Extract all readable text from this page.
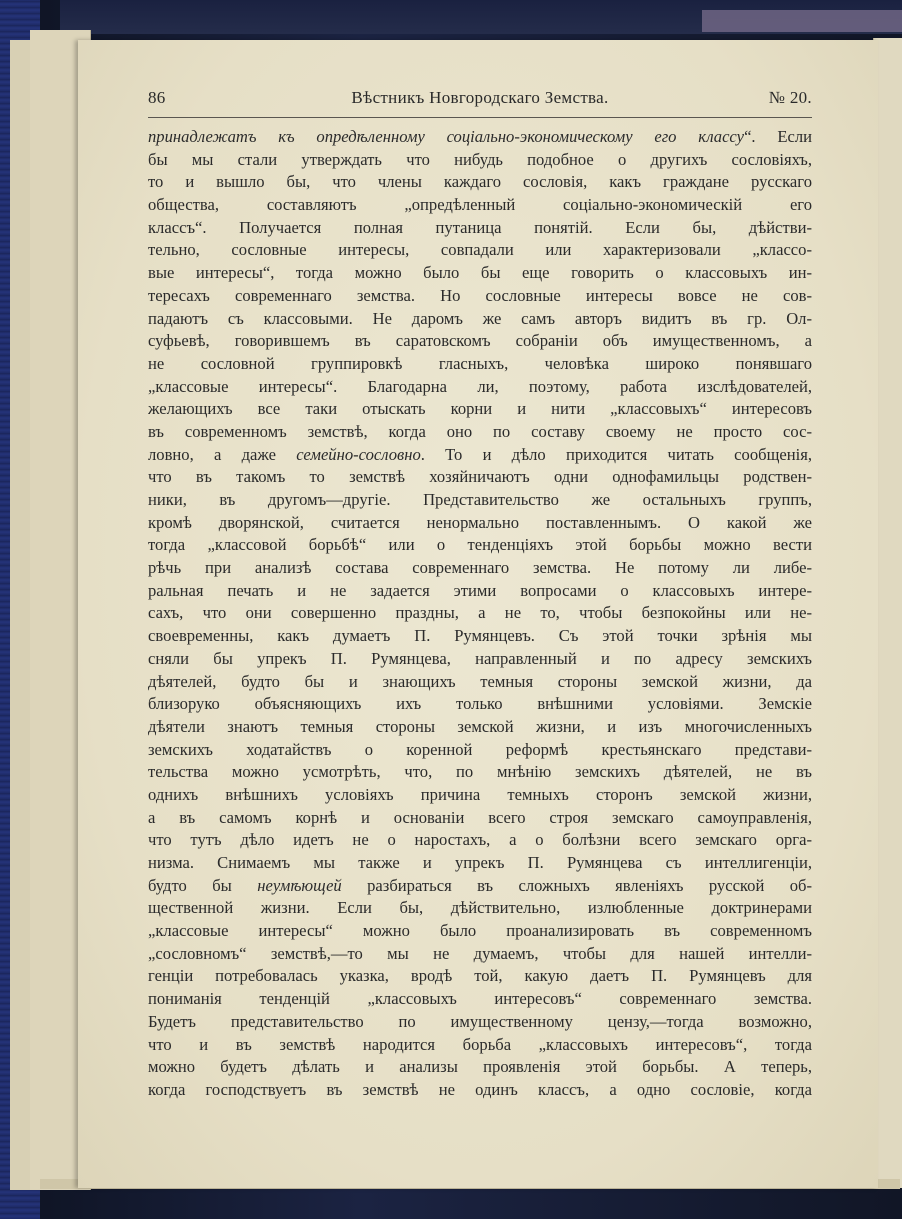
86	Вѣстникъ Новгородскаго Земства.	№ 20.
принадлежатъ къ опредѣленному соціально-экономическому его классу“. Если
бы мы стали утверждать что нибудь подобное о другихъ сословіяхъ,
то и вышло бы, что члены каждаго сословія, какъ граждане русскаго
общества, составляютъ „опредѣленный соціально-экономическій его
классъ“. Получается полная путаница понятій. Если бы, дѣйстви-
тельно, сословные интересы, совпадали или характеризовали „классо-
вые интересы“, тогда можно было бы еще говорить о классовыхъ ин-
тересахъ современнаго земства. Но сословные интересы вовсе не сов-
падаютъ съ классовыми. Не даромъ же самъ авторъ видитъ въ гр. Ол-
суфьевѣ, говорившемъ въ саратовскомъ собраніи объ имущественномъ, а
не сословной группировкѣ гласныхъ, человѣка широко понявшаго
„классовые интересы“. Благодарна ли, поэтому, работа изслѣдователей,
желающихъ все таки отыскать корни и нити „классовыхъ“ интересовъ
въ современномъ земствѣ, когда оно по составу своему не просто сос-
ловно, а даже семейно-сословно. То и дѣло приходится читать сообщенія,
что въ такомъ то земствѣ хозяйничаютъ одни однофамильцы родствен-
ники, въ другомъ—другіе. Представительство же остальныхъ группъ,
кромѣ дворянской, считается ненормально поставленнымъ. О какой же
тогда „классовой борьбѣ“ или о тенденціяхъ этой борьбы можно вести
рѣчь при анализѣ состава современнаго земства. Не потому ли либе-
ральная печать и не задается этими вопросами о классовыхъ интере-
сахъ, что они совершенно праздны, а не то, чтобы безпокойны или не-
своевременны, какъ думаетъ П. Румянцевъ. Съ этой точки зрѣнія мы
сняли бы упрекъ П. Румянцева, направленный и по адресу земскихъ
дѣятелей, будто бы и знающихъ темныя стороны земской жизни, да
близоруко объясняющихъ ихъ только внѣшними условіями. Земскіе
дѣятели знаютъ темныя стороны земской жизни, и изъ многочисленныхъ
земскихъ ходатайствъ о коренной реформѣ крестьянскаго представи-
тельства можно усмотрѣть, что, по мнѣнію земскихъ дѣятелей, не въ
однихъ внѣшнихъ условіяхъ причина темныхъ сторонъ земской жизни,
а въ самомъ корнѣ и основаніи всего строя земскаго самоуправленія,
что тутъ дѣло идетъ не о наростахъ, а о болѣзни всего земскаго орга-
низма. Снимаемъ мы также и упрекъ П. Румянцева съ интеллигенціи,
будто бы неумѣющей разбираться въ сложныхъ явленіяхъ русской об-
щественной жизни. Если бы, дѣйствительно, излюбленные доктринерами
„классовые интересы“ можно было проанализировать въ современномъ
„сословномъ“ земствѣ,—то мы не думаемъ, чтобы для нашей интелли-
генціи потребовалась указка, вродѣ той, какую даетъ П. Румянцевъ для
пониманія тенденцій „классовыхъ интересовъ“ современнаго земства.
Будетъ представительство по имущественному цензу,—тогда возможно,
что и въ земствѣ народится борьба „классовыхъ интересовъ“, тогда
можно будетъ дѣлать и анализы проявленія этой борьбы. А теперь,
когда господствуетъ въ земствѣ не одинъ классъ, а одно сословіе, когда
